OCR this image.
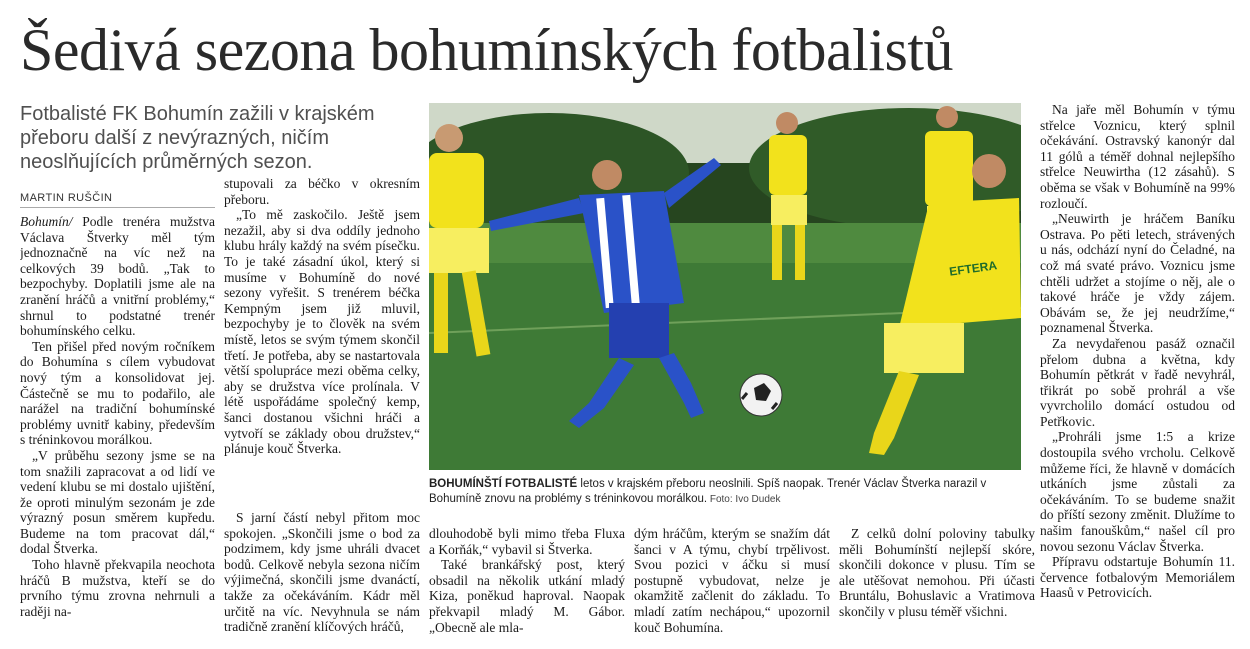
Šedivá sezona bohumínských fotbalistů

Fotbalisté FK Bohumín zažili v krajském přeboru další z nevýrazných, ničím neoslňujících průměrných sezon.

MARTIN RUŠČIN

Bohumín/ Podle trenéra mužstva Václava Štverky měl tým jednoznačně na víc než na celkových 39 bodů. „Tak to bezpochyby. Doplatili jsme ale na zranění hráčů a vnitřní problémy,“ shrnul to podstatné trenér bohumínského celku.

Ten přišel před novým ročníkem do Bohumína s cílem vybudovat nový tým a konsolidovat jej. Částečně se mu to podařilo, ale narážel na tradiční bohumínské problémy uvnitř kabiny, především s tréninkovou morálkou.

„V průběhu sezony jsme se na tom snažili zapracovat a od lidí ve vedení klubu se mi dostalo ujištění, že oproti minulým sezonám je zde výrazný posun směrem kupředu. Budeme na tom pracovat dál,“ dodal Štverka.

Toho hlavně překvapila neochota hráčů B mužstva, kteří se do prvního týmu zrovna nehrnuli a raději na-

stupovali za béčko v okresním přeboru.

„To mě zaskočilo. Ještě jsem nezažil, aby si dva oddíly jednoho klubu hrály každý na svém písečku. To je také zásadní úkol, který si musíme v Bohumíně do nové sezony vyřešit. S trenérem béčka Kempným jsem již mluvil, bezpochyby je to člověk na svém místě, letos se svým týmem skončil třetí. Je potřeba, aby se nastartovala větší spolupráce mezi oběma celky, aby se družstva více prolínala. V létě uspořádáme společný kemp, šanci dostanou všichni hráči a vytvoří se základy obou družstev,“ plánuje kouč Štverka.

EFTERA
BOHUMÍNŠTÍ FOTBALISTÉ letos v krajském přeboru neoslnili. Spíš naopak. Trenér Václav Štverka narazil v Bohumíně znovu na problémy s tréninkovou morálkou. Foto: Ivo Dudek

S jarní částí nebyl přitom moc spokojen. „Skončili jsme o bod za podzimem, kdy jsme uhráli dvacet bodů. Celkově nebyla sezona ničím výjimečná, skončili jsme dvanáctí, takže za očekáváním. Kádr měl určitě na víc. Nevyhnula se nám tradičně zranění klíčových hráčů,

dlouhodobě byli mimo třeba Fluxa a Korňák,“ vybavil si Štverka.

Také brankářský post, který obsadil na několik utkání mladý Kiza, poněkud haproval. Naopak překvapil mladý M. Gábor. „Obecně ale mla-

dým hráčům, kterým se snažím dát šanci v A týmu, chybí trpělivost. Svou pozici v áčku si musí postupně vybudovat, nelze je okamžitě začlenit do základu. To mladí zatím nechápou,“ upozornil kouč Bohumína.

Z celků dolní poloviny tabulky měli Bohumínští nejlepší skóre, skončili dokonce v plusu. Tím se ale utěšovat nemohou. Při účasti Bruntálu, Bohuslavic a Vratimova skončily v plusu téměř všichni.

Na jaře měl Bohumín v týmu střelce Voznicu, který splnil očekávání. Ostravský kanonýr dal 11 gólů a téměř dohnal nejlepšího střelce Neuwirtha (12 zásahů). S oběma se však v Bohumíně na 99% rozloučí.

„Neuwirth je hráčem Baníku Ostrava. Po pěti letech, strávených u nás, odchází nyní do Čeladné, na což má svaté právo. Voznicu jsme chtěli udržet a stojíme o něj, ale o takové hráče je vždy zájem. Obávám se, že jej neudržíme,“ poznamenal Štverka.

Za nevydařenou pasáž označil přelom dubna a května, kdy Bohumín pětkrát v řadě nevyhrál, třikrát po sobě prohrál a vše vyvrcholilo domácí ostudou od Petřkovic.

„Prohráli jsme 1:5 a krize dostoupila svého vrcholu. Celkově můžeme říci, že hlavně v domácích utkáních jsme zůstali za očekáváním. To se budeme snažit do příští sezony změnit. Dlužíme to našim fanouškům,“ našel cíl pro novou sezonu Václav Štverka.

Přípravu odstartuje Bohumín 11. července fotbalovým Memoriálem Haasů v Petrovicích.
